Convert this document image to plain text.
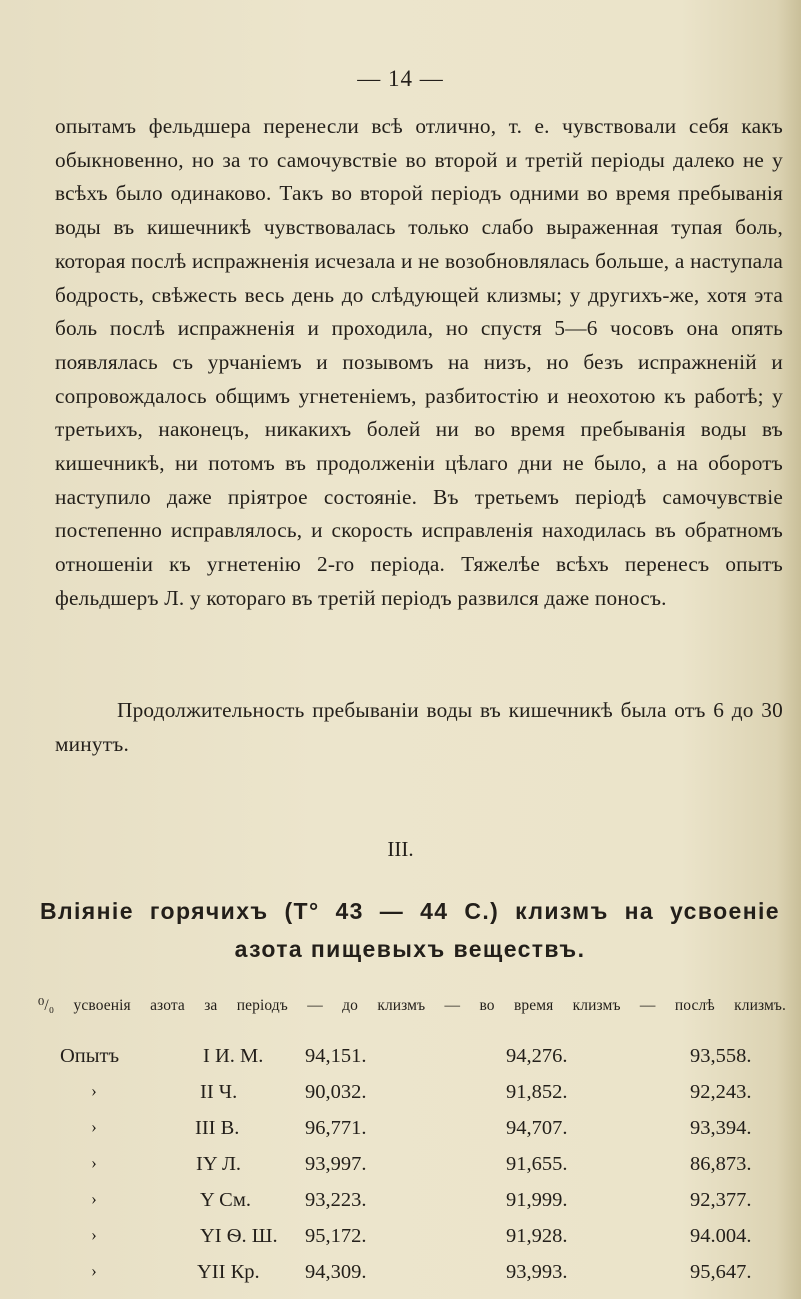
— 14 —

опытамъ фельдшера перенесли всѣ отлично, т. е. чувствовали себя какъ обыкновенно, но за то самочувствіе во второй и третій періоды далеко не у всѣхъ было одинаково. Такъ во второй періодъ одними во время пребыванія воды въ кишечникѣ чувствовалась только слабо выраженная тупая боль, которая послѣ испражненія исчезала и не возобновлялась больше, а наступала бодрость, свѣжесть весь день до слѣдующей клизмы; у другихъ-же, хотя эта боль послѣ испражненія и проходила, но спустя 5—6 чосовъ она опять появлялась съ урчаніемъ и позывомъ на низъ, но безъ испражненій и сопровождалось общимъ угнетеніемъ, разбитостію и неохотою къ работѣ; у третьихъ, наконецъ, никакихъ болей ни во время пребыванія воды въ кишечникѣ, ни потомъ въ продолженіи цѣлаго дни не было, а на оборотъ наступило даже пріятрое состояніе. Въ третьемъ періодѣ самочувствіе постепенно исправлялось, и скорость исправленія находилась въ обратномъ отношеніи къ угнетенію 2-го періода. Тяжелѣе всѣхъ перенесъ опытъ фельдшеръ Л. у котораго въ третій періодъ развился даже поносъ.

Продолжительность пребываніи воды въ кишечникѣ была отъ 6 до 30 минутъ.

III.
Вліяніе горячихъ (T° 43 — 44 С.) клизмъ на усвоеніе
азота пищевыхъ веществъ.
⁰/₀ усвоенія азота за періодъ — до клизмъ — во время клизмъ — послѣ клизмъ.
Опытъ	I И. М. 94,151.	94,276.	93,558.
›	II Ч.	90,032.	91,852.	92,243.
›	III В.	96,771.	94,707.	93,394.
›	IY Л.	93,997.	91,655.	86,873.
›	Y См.	93,223.	91,999.	92,377.
›	YI Ѳ. Ш. 95,172.	91,928.	94.004.
›	YII Кр. 94,309.	93,993.	95,647.
